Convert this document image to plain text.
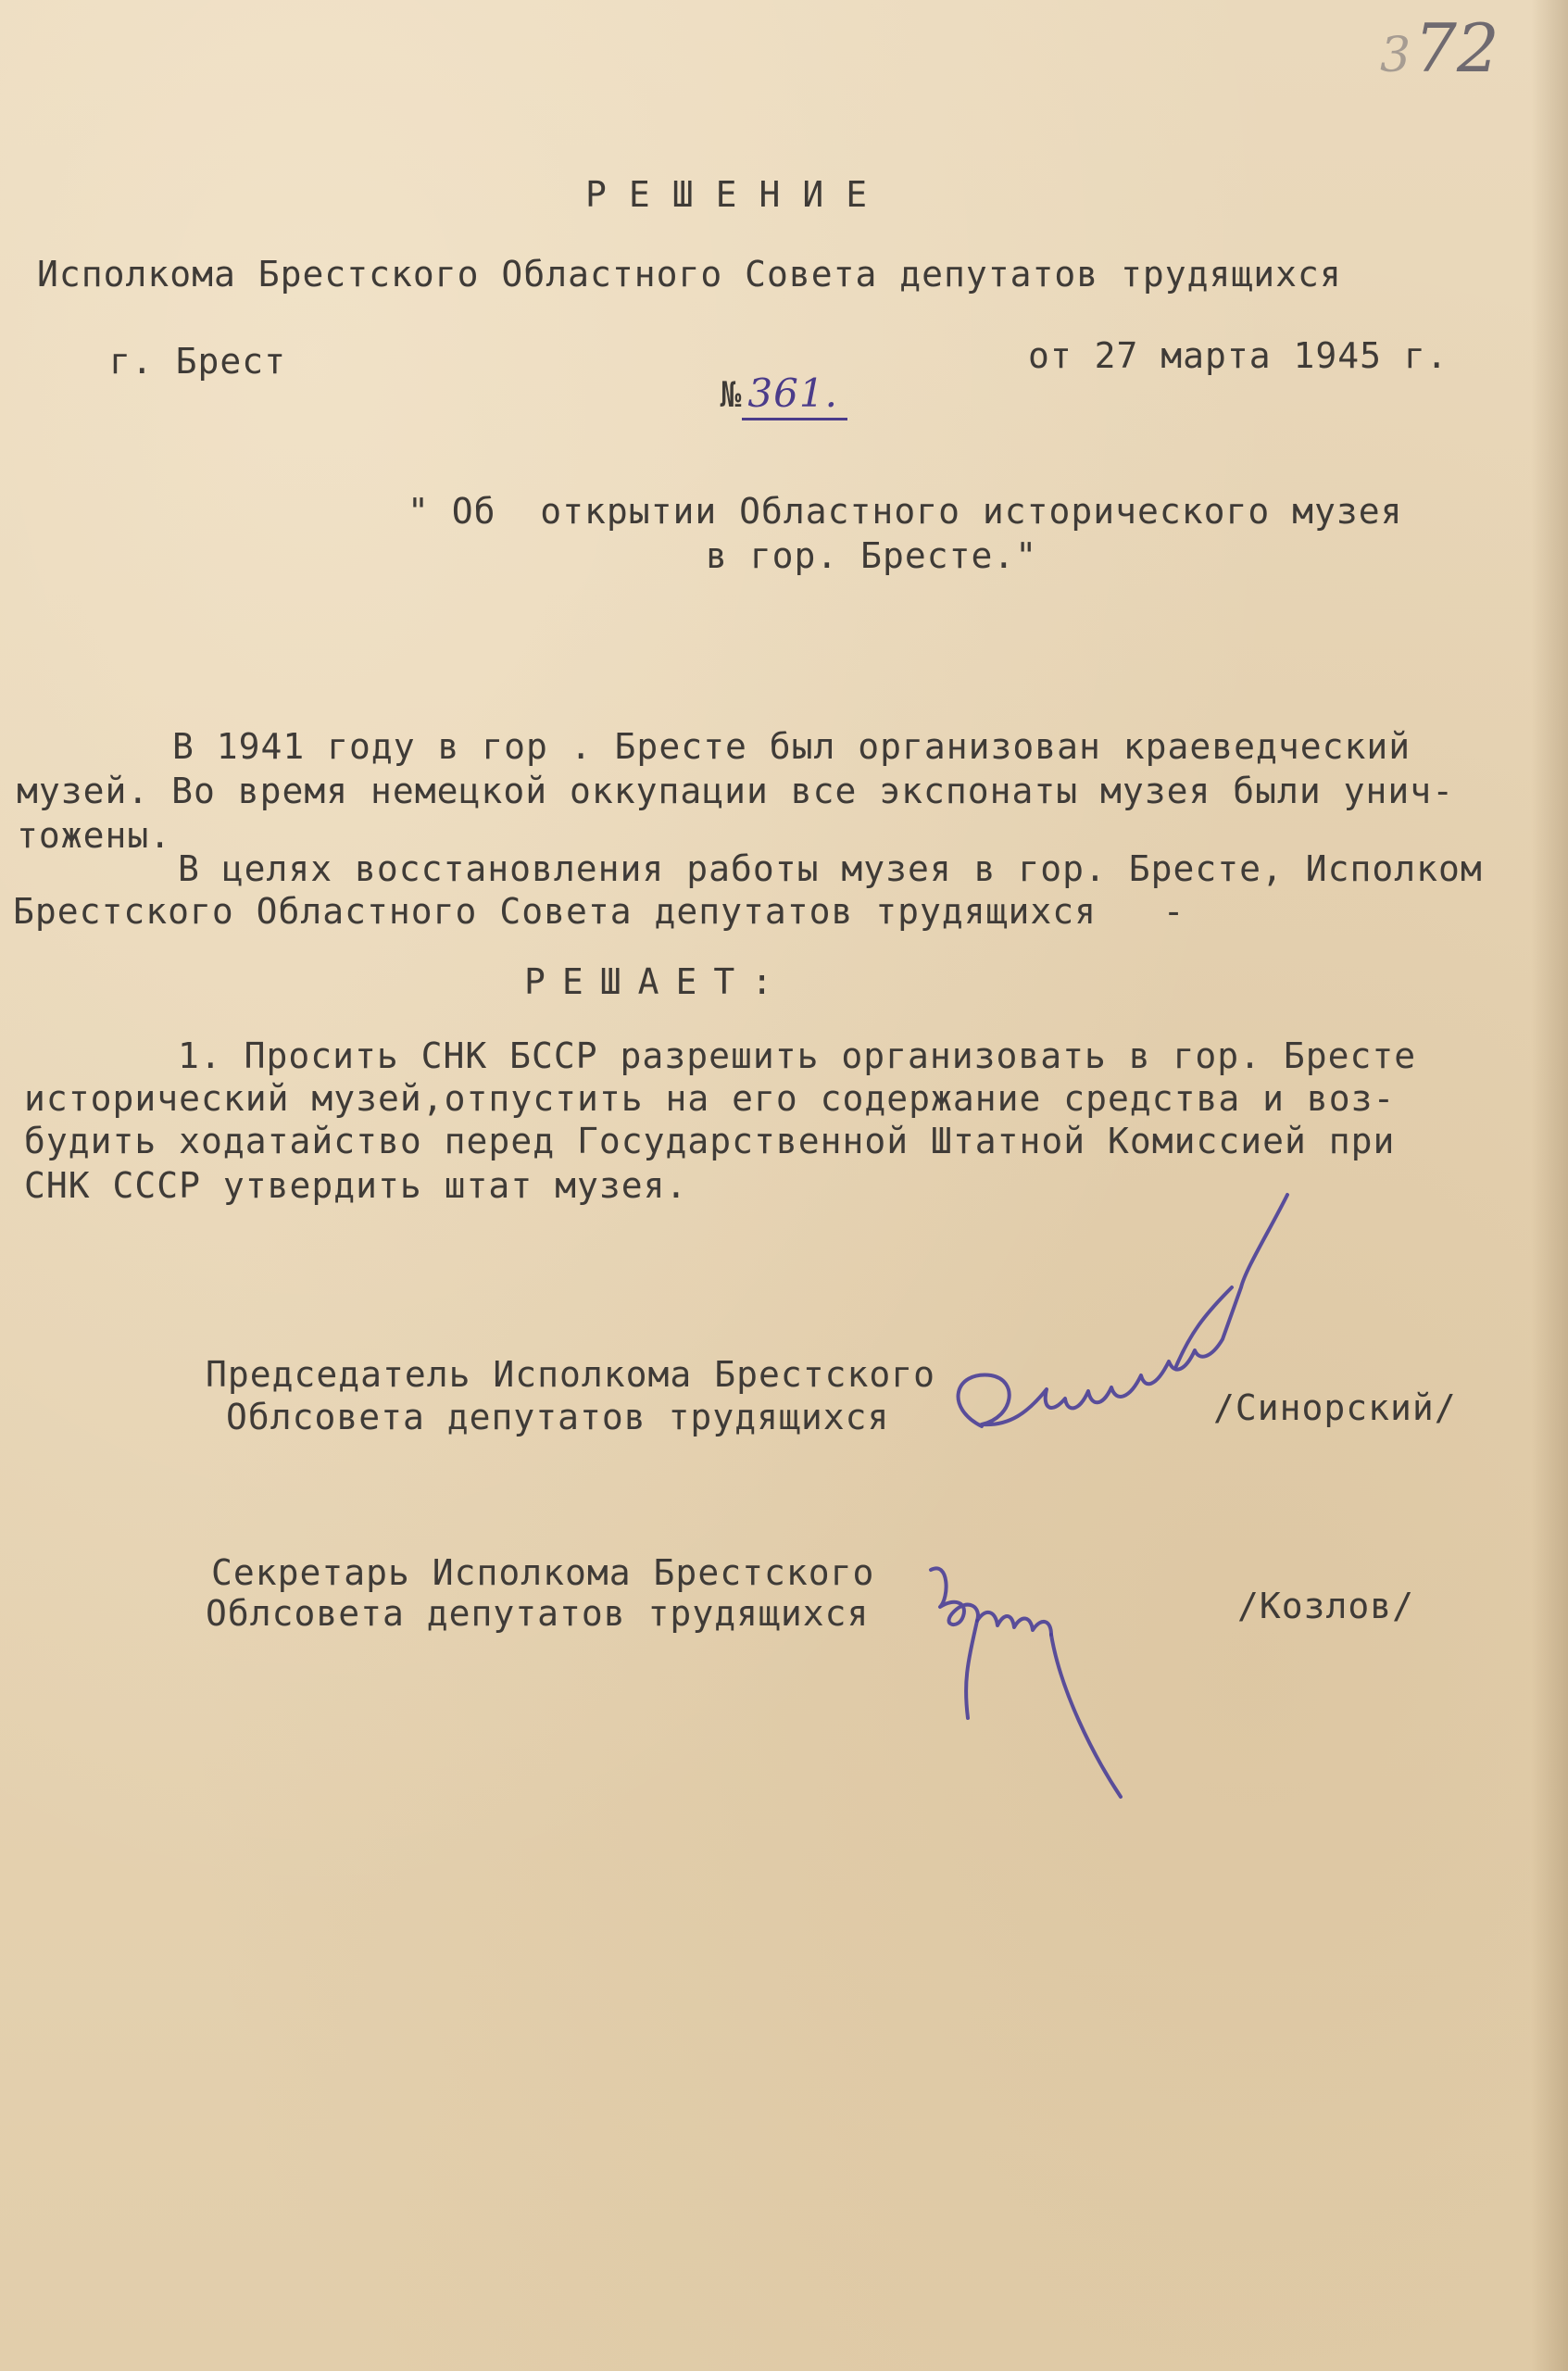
372
РЕШЕНИЕ
Исполкома Брестского Областного Совета депутатов трудящихся
г. Брест

№ 361.

от 27 марта 1945 г.
" Об  открытии Областного исторического музея
в гор. Бресте."
В 1941 году в гор . Бресте был организован краеведческий
музей. Во время немецкой оккупации все экспонаты музея были унич-
тожены.
В целях восстановления работы музея в гор. Бресте, Исполком
Брестского Областного Совета депутатов трудящихся   -
РЕШАЕТ:
1. Просить СНК БССР разрешить организовать в гор. Бресте
исторический музей,отпустить на его содержание средства и воз-
будить ходатайство перед Государственной Штатной Комиссией при
СНК СССР утвердить штат музея.
Председатель Исполкома Брестского
Облсовета депутатов трудящихся	/Синорский/
Секретарь Исполкома Брестского
Облсовета депутатов трудящихся	/Козлов/
